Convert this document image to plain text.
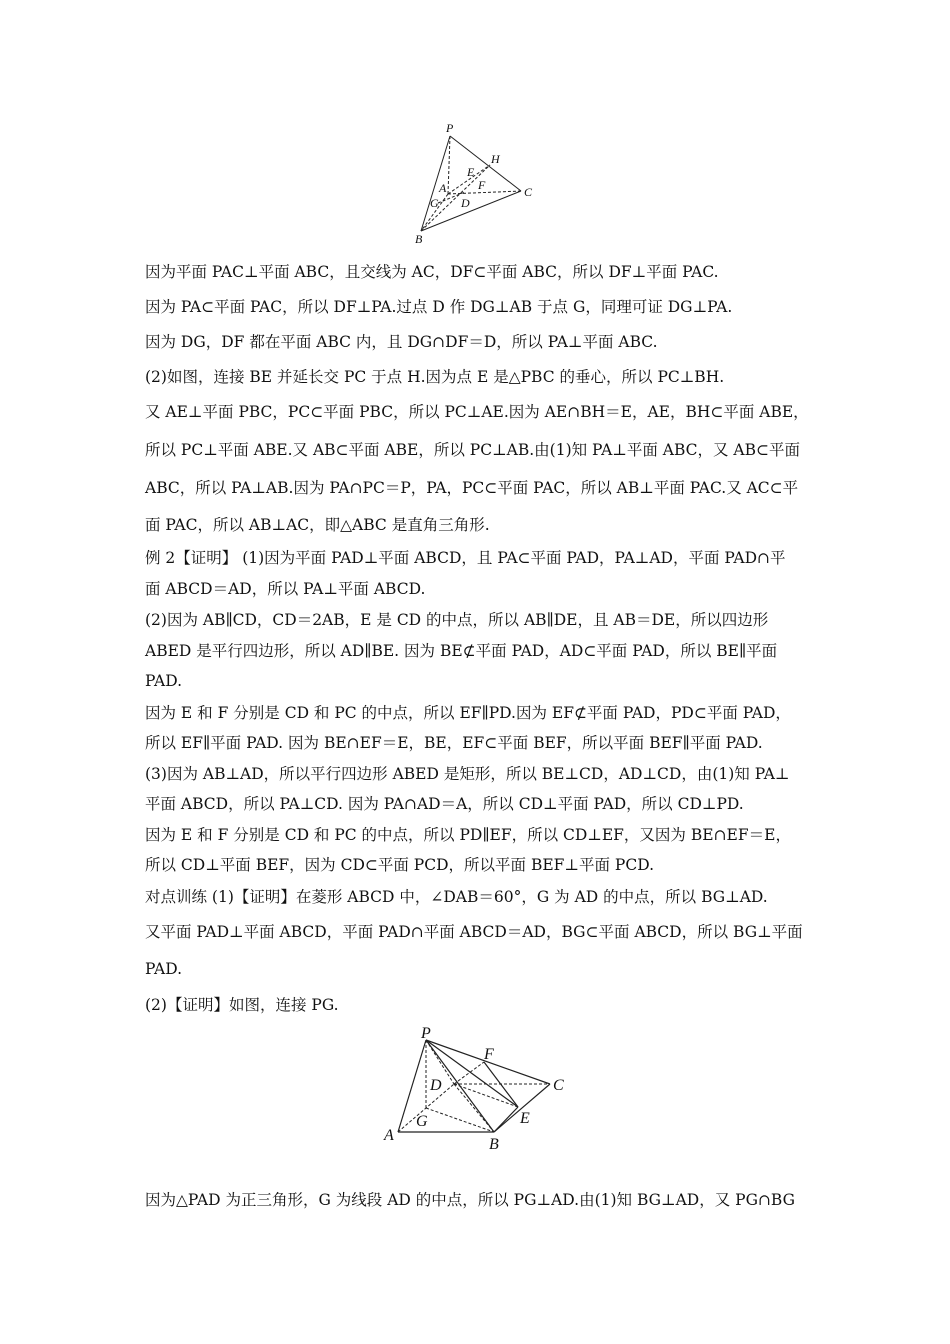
P
H
E
A	F	C
G D
B
因为平面 PAC⊥平面 ABC，且交线为 AC，DF⊂平面 ABC，所以 DF⊥平面 PAC.
因为 PA⊂平面 PAC，所以 DF⊥PA.过点 D 作 DG⊥AB 于点 G，同理可证 DG⊥PA.
因为 DG，DF 都在平面 ABC 内，且 DG∩DF＝D，所以 PA⊥平面 ABC.
(2)如图，连接 BE 并延长交 PC 于点 H.因为点 E 是△PBC 的垂心，所以 PC⊥BH.
又 AE⊥平面 PBC，PC⊂平面 PBC，所以 PC⊥AE.因为 AE∩BH＝E，AE，BH⊂平面 ABE，
所以 PC⊥平面 ABE.又 AB⊂平面 ABE，所以 PC⊥AB.由(1)知 PA⊥平面 ABC，又 AB⊂平面
ABC，所以 PA⊥AB.因为 PA∩PC＝P，PA，PC⊂平面 PAC，所以 AB⊥平面 PAC.又 AC⊂平
面 PAC，所以 AB⊥AC，即△ABC 是直角三角形.
例 2【证明】 (1)因为平面 PAD⊥平面 ABCD，且 PA⊂平面 PAD，PA⊥AD，平面 PAD∩平
面 ABCD＝AD，所以 PA⊥平面 ABCD.
(2)因为 AB∥CD，CD＝2AB，E 是 CD 的中点，所以 AB∥DE，且 AB＝DE，所以四边形
ABED 是平行四边形，所以 AD∥BE. 因为 BE⊄平面 PAD，AD⊂平面 PAD，所以 BE∥平面
PAD.
因为 E 和 F 分别是 CD 和 PC 的中点，所以 EF∥PD.因为 EF⊄平面 PAD，PD⊂平面 PAD，
所以 EF∥平面 PAD. 因为 BE∩EF＝E，BE，EF⊂平面 BEF，所以平面 BEF∥平面 PAD.
(3)因为 AB⊥AD，所以平行四边形 ABED 是矩形，所以 BE⊥CD，AD⊥CD，由(1)知 PA⊥
平面 ABCD，所以 PA⊥CD. 因为 PA∩AD＝A，所以 CD⊥平面 PAD，所以 CD⊥PD.
因为 E 和 F 分别是 CD 和 PC 的中点，所以 PD∥EF，所以 CD⊥EF，又因为 BE∩EF＝E，
所以 CD⊥平面 BEF，因为 CD⊂平面 PCD，所以平面 BEF⊥平面 PCD.
对点训练 (1)【证明】在菱形 ABCD 中，∠DAB＝60°，G 为 AD 的中点，所以 BG⊥AD.
又平面 PAD⊥平面 ABCD，平面 PAD∩平面 ABCD＝AD，BG⊂平面 ABCD，所以 BG⊥平面
PAD.
(2)【证明】如图，连接 PG.
P
F
C
D
G	E
A
B
因为△PAD 为正三角形，G 为线段 AD 的中点，所以 PG⊥AD.由(1)知 BG⊥AD，又 PG∩BG
